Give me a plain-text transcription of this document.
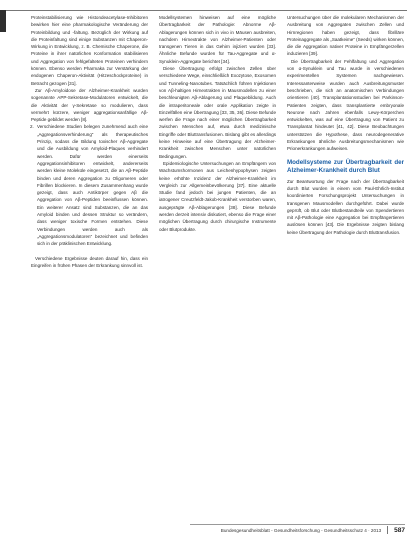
Proteinstabilisierung wie Histondeacetylase-Inhibitoren bewirken hier eine pharmakologische Veränderung der Proteinbildung und -faltung. Bezüglich der Wirkung auf die Proteinfaltung sind einige Substanzen mit Chaperon-Wirkung in Entwicklung, z. B. Chemische Chaperone, die Proteine in ihrer natürlichen Konformation stabilisieren und Aggregation von fehlgefalteten Proteinen verhindern können. Ebenso werden Pharmaka zur Verstärkung der endogenen Chaperon-Aktivität (Hitzeschockproteine) in Betracht gezogen [31].

Zur Aβ-Amyloidose der Alzheimer-Krankheit wurden sogenannte APP-Sekretase-Modulatoren entwickelt, die die Aktivität der γ-Sekretase so modulieren, dass vermehrt kürzere, weniger aggregationsanfällige Aβ-Peptide gebildet werden [8].

2. Verschiedene Studien belegen zunehmend auch eine „Aggregationsverhinderung“ als therapeutisches Prinzip, sodass die Bildung toxischer Aβ-Aggregate und die Ausbildung von Amyloid-Plaques verhindert werden. Dafür werden einerseits Aggregationsinhibitoren entwickelt, andererseits werden kleine Moleküle eingesetzt, die an Aβ-Peptide binden und deren Aggregation zu Oligomeren oder Fibrillen blockieren. In diesem Zusammenhang wurde gezeigt, dass auch Antikörper gegen Aβ die Aggregation von Aβ-Peptiden beeinflussen können. Ein weiterer Ansatz sind Substanzen, die an das Amyloid binden und dessen Struktur so verändern, dass weniger toxische Formen entstehen. Diese Verbindungen werden auch als „Aggregationsmodulatoren“ bezeichnet und befinden sich in der präklinischen Entwicklung.

Verschiedene Ergebnisse deuten darauf hin, dass ein Eingreifen in frühen Phasen der Erkrankung sinnvoll ist.

Modellsystemen hinweisen auf eine mögliche Übertragbarkeit der Pathologie: Abnorme Aβ-Ablagerungen können sich in vivo in Mäusen ausbreiten, nachdem Hirnextrakte von Alzheimer-Patienten oder transgenen Tieren in das Gehirn injiziert wurden [33]. Ähnliche Befunde wurden für Tau-Aggregate und α-Synuklein-Aggregate berichtet [34].

Diese Übertragung erfolgt zwischen Zellen über verschiedene Wege, einschließlich Exozytose, Exosomen und Tunneling-Nanotubes. Tatsächlich führen Injektionen von Aβ-haltigen Hirnextrakten in Mausmodellen zu einer beschleunigten Aβ-Ablagerung und Plaquebildung. Auch die intraperitoneale oder orale Applikation zeigte in Einzelfällen eine Übertragung [33, 35, 36]. Diese Befunde werfen die Frage nach einer möglichen Übertragbarkeit zwischen Menschen auf, etwa durch medizinische Eingriffe oder Bluttransfusionen. Bislang gibt es allerdings keine Hinweise auf eine Übertragung der Alzheimer-Krankheit zwischen Menschen unter natürlichen Bedingungen.

Epidemiologische Untersuchungen an Empfängern von Wachstumshormonen aus Leichenhypophysen zeigten keine erhöhte Inzidenz der Alzheimer-Krankheit im Vergleich zur Allgemeinbevölkerung [37]. Eine aktuelle Studie fand jedoch bei jungen Patienten, die an iatrogener Creutzfeldt-Jakob-Krankheit verstorben waren, ausgeprägte Aβ-Ablagerungen [38]. Diese Befunde werden derzeit intensiv diskutiert, ebenso die Frage einer möglichen Übertragung durch chirurgische Instrumente oder Blutprodukte.

Untersuchungen über die molekularen Mechanismen der Ausbreitung von Aggregaten zwischen Zellen und Hirnregionen haben gezeigt, dass fibrilläre Proteinaggregate als „Saatkeime“ (Seeds) wirken können, die die Aggregation nativer Proteine in Empfängerzellen induzieren [39].

Die Übertragbarkeit der Fehlfaltung und Aggregation von α-Synuklein und Tau wurde in verschiedenen experimentellen Systemen nachgewiesen. Interessanterweise wurden auch Ausbreitungsmuster beschrieben, die sich an anatomischen Verbindungen orientieren [40]. Transplantationsstudien bei Parkinson-Patienten zeigten, dass transplantierte embryonale Neurone nach Jahren ebenfalls Lewy-Körperchen entwickelten, was auf eine Übertragung von Patient zu Transplantat hindeutet [41, 42]. Diese Beobachtungen unterstützen die Hypothese, dass neurodegenerative Erkrankungen ähnliche Ausbreitungsmechanismen wie Prionerkrankungen aufweisen.

Modellsysteme zur Übertragbarkeit der Alzheimer-Krankheit durch Blut

Zur Beantwortung der Frage nach der Übertragbarkeit durch Blut wurden in einem vom Paul-Ehrlich-Institut koordinierten Forschungsprojekt Untersuchungen in transgenen Mausmodellen durchgeführt. Dabei wurde geprüft, ob Blut oder Blutbestandteile von Spendertieren mit Aβ-Pathologie eine Aggregation bei Empfängertieren auslösen können [43]. Die Ergebnisse zeigten bislang keine Übertragung der Pathologie durch Bluttransfusion.

Bundesgesundheitsblatt - Gesundheitsforschung - Gesundheitsschutz 4 · 2013 587
